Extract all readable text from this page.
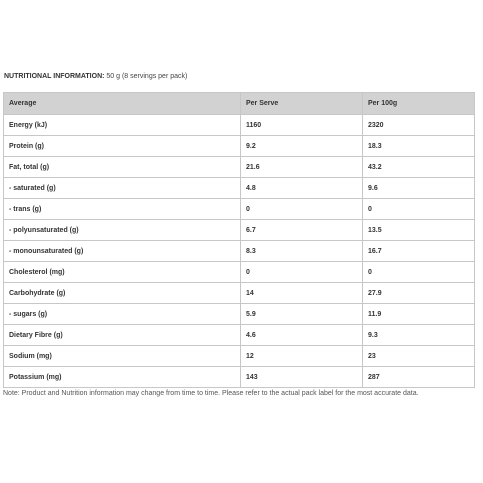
NUTRITIONAL INFORMATION: 50 g (8 servings per pack)
Average	Per Serve	Per 100g
Energy (kJ)	1160	2320
Protein (g)	9.2	18.3
Fat, total (g)	21.6	43.2
- saturated (g)	4.8	9.6
- trans (g)	0	0
- polyunsaturated (g)	6.7	13.5
- monounsaturated (g)	8.3	16.7
Cholesterol (mg)	0	0
Carbohydrate (g)	14	27.9
- sugars (g)	5.9	11.9
Dietary Fibre (g)	4.6	9.3
Sodium (mg)	12	23
Potassium (mg)	143	287
Note: Product and Nutrition information may change from time to time. Please refer to the actual pack label for the most accurate data.
